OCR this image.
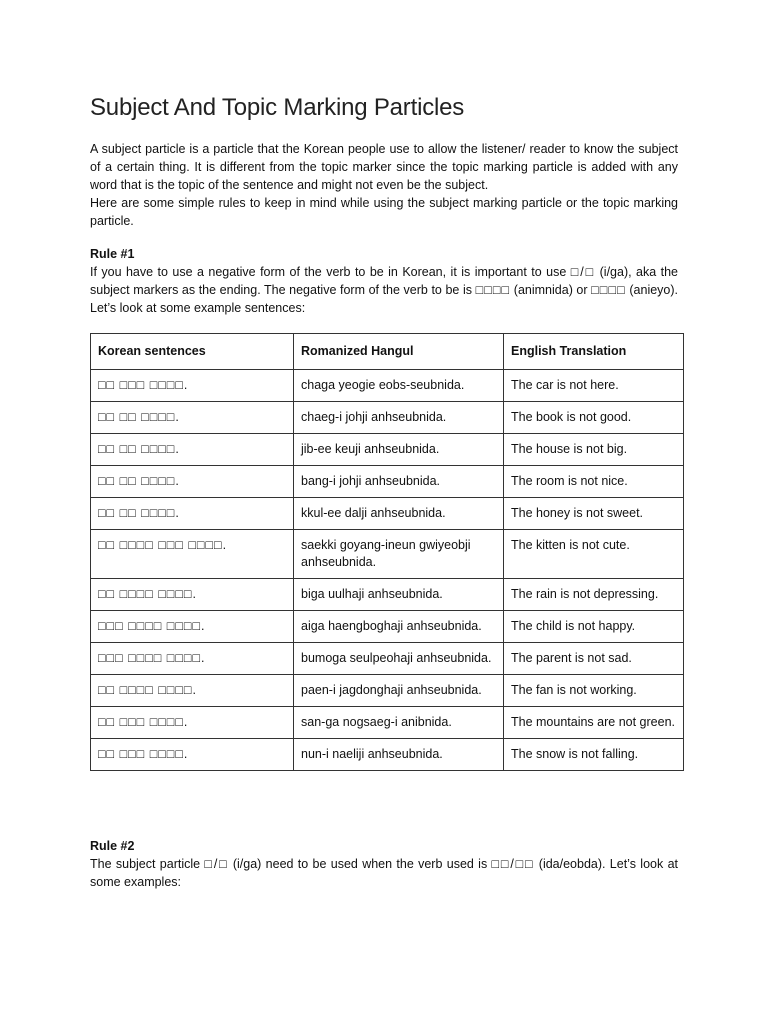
Subject And Topic Marking Particles

A subject particle is a particle that the Korean people use to allow the listener/ reader to know the subject of a certain thing. It is different from the topic marker since the topic marking particle is added with any word that is the topic of the sentence and might not even be the subject.

Here are some simple rules to keep in mind while using the subject marking particle or the topic marking particle.

Rule #1

If you have to use a negative form of the verb to be in Korean, it is important to use □/□ (i/ga), aka the subject markers as the ending. The negative form of the verb to be is □□□□ (animnida) or □□□□ (anieyo). Let’s look at some example sentences:

Korean sentences	Romanized Hangul	English Translation
□□ □□□ □□□□.	chaga yeogie eobs-seubnida.	The car is not here.
□□ □□ □□□□.	chaeg-i johji anhseubnida.	The book is not good.
□□ □□ □□□□.	jib-ee keuji anhseubnida.	The house is not big.
□□ □□ □□□□.	bang-i johji anhseubnida.	The room is not nice.
□□ □□ □□□□.	kkul-ee dalji anhseubnida.	The honey is not sweet.
□□ □□□□ □□□ □□□□.	saekki goyang-ineun gwiyeobji anhseubnida.	The kitten is not cute.
□□ □□□□ □□□□.	biga uulhaji anhseubnida.	The rain is not depressing.
□□□ □□□□ □□□□.	aiga haengboghaji anhseubnida.	The child is not happy.
□□□ □□□□ □□□□.	bumoga seulpeohaji anhseubnida.	The parent is not sad.
□□ □□□□ □□□□.	paen-i jagdonghaji anhseubnida.	The fan is not working.
□□ □□□ □□□□.	san-ga nogsaeg-i anibnida.	The mountains are not green.
□□ □□□ □□□□.	nun-i naeliji anhseubnida.	The snow is not falling.

Rule #2

The subject particle □/□ (i/ga) need to be used when the verb used is □□/□□ (ida/eobda). Let’s look at some examples:
